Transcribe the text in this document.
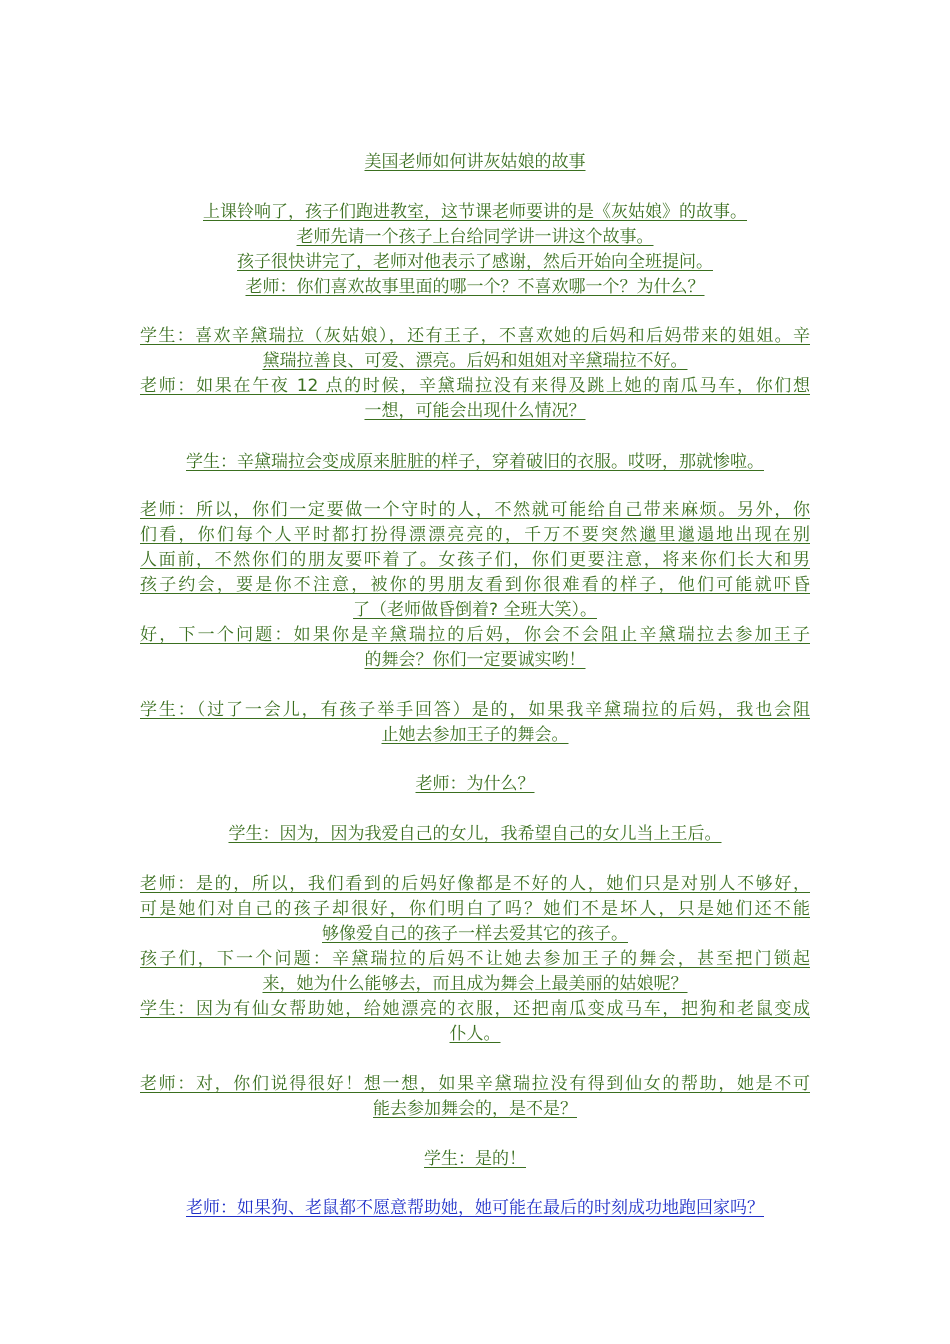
美国老师如何讲灰姑娘的故事
上课铃响了，孩子们跑进教室，这节课老师要讲的是《灰姑娘》的故事。
老师先请一个孩子上台给同学讲一讲这个故事。
孩子很快讲完了，老师对他表示了感谢，然后开始向全班提问。
老师：你们喜欢故事里面的哪一个？不喜欢哪一个？为什么？
学生：喜欢辛黛瑞拉（灰姑娘），还有王子，不喜欢她的后妈和后妈带来的姐姐。辛
黛瑞拉善良、可爱、漂亮。后妈和姐姐对辛黛瑞拉不好。
老师：如果在午夜 12 点的时候，辛黛瑞拉没有来得及跳上她的南瓜马车，你们想
一想，可能会出现什么情况？
学生：辛黛瑞拉会变成原来脏脏的样子，穿着破旧的衣服。哎呀，那就惨啦。
老师：所以，你们一定要做一个守时的人，不然就可能给自己带来麻烦。另外，你
们看，你们每个人平时都打扮得漂漂亮亮的，千万不要突然邋里邋遢地出现在别
人面前，不然你们的朋友要吓着了。女孩子们，你们更要注意，将来你们长大和男
孩子约会，要是你不注意，被你的男朋友看到你很难看的样子，他们可能就吓昏
了（老师做昏倒着? 全班大笑）。
好，下一个问题：如果你是辛黛瑞拉的后妈，你会不会阻止辛黛瑞拉去参加王子
的舞会？你们一定要诚实哟！
学生：（过了一会儿，有孩子举手回答）是的，如果我辛黛瑞拉的后妈，我也会阻
止她去参加王子的舞会。
老师：为什么？
学生：因为，因为我爱自己的女儿，我希望自己的女儿当上王后。
老师：是的，所以，我们看到的后妈好像都是不好的人，她们只是对别人不够好，
可是她们对自己的孩子却很好，你们明白了吗？她们不是坏人，只是她们还不能
够像爱自己的孩子一样去爱其它的孩子。
孩子们，下一个问题：辛黛瑞拉的后妈不让她去参加王子的舞会，甚至把门锁起
来，她为什么能够去，而且成为舞会上最美丽的姑娘呢？
学生：因为有仙女帮助她，给她漂亮的衣服，还把南瓜变成马车，把狗和老鼠变成
仆人。
老师：对，你们说得很好！想一想，如果辛黛瑞拉没有得到仙女的帮助，她是不可
能去参加舞会的，是不是？
学生：是的！
老师：如果狗、老鼠都不愿意帮助她，她可能在最后的时刻成功地跑回家吗？
